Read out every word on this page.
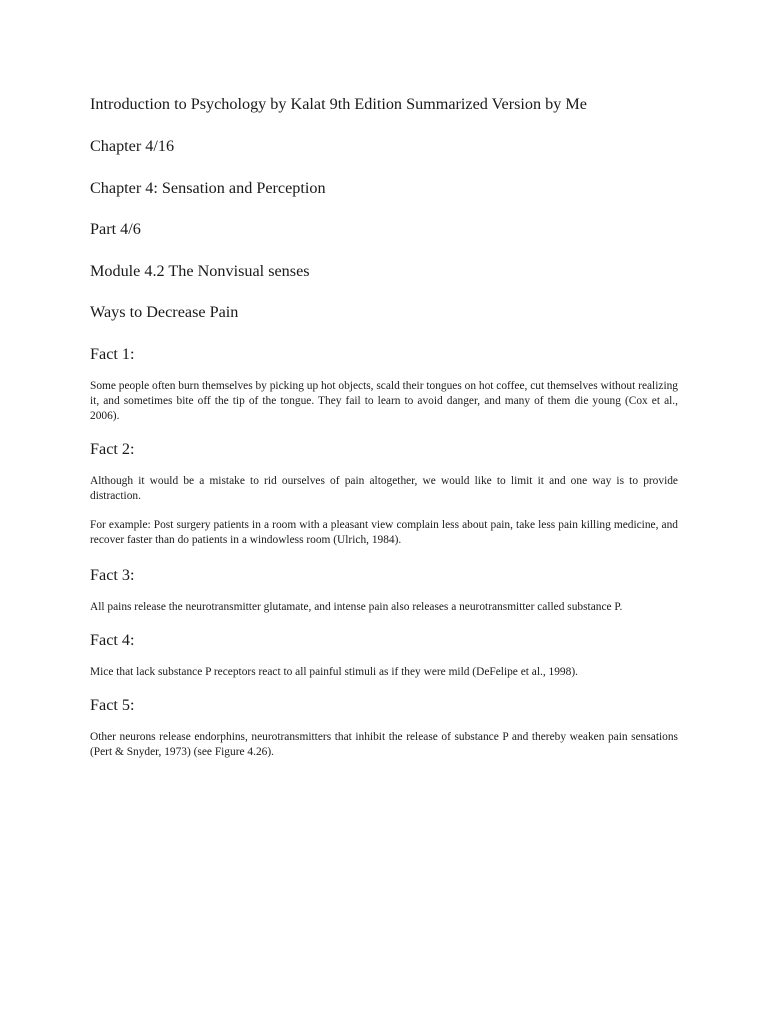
Introduction to Psychology by Kalat 9th Edition Summarized Version by Me
Chapter 4/16
Chapter 4: Sensation and Perception
Part 4/6
Module 4.2 The Nonvisual senses
Ways to Decrease Pain
Fact 1:

Some people often burn themselves by picking up hot objects, scald their tongues on hot coffee, cut themselves without realizing it, and sometimes bite off the tip of the tongue. They fail to learn to avoid danger, and many of them die young (Cox et al., 2006).

Fact 2:

Although it would be a mistake to rid ourselves of pain altogether, we would like to limit it and one way is to provide distraction.

For example: Post surgery patients in a room with a pleasant view complain less about pain, take less pain killing medicine, and recover faster than do patients in a windowless room (Ulrich, 1984).

Fact 3:

All pains release the neurotransmitter glutamate, and intense pain also releases a neurotransmitter called substance P.

Fact 4:

Mice that lack substance P receptors react to all painful stimuli as if they were mild (DeFelipe et al., 1998).

Fact 5:

Other neurons release endorphins, neurotransmitters that inhibit the release of substance P and thereby weaken pain sensations (Pert & Snyder, 1973) (see Figure 4.26).
